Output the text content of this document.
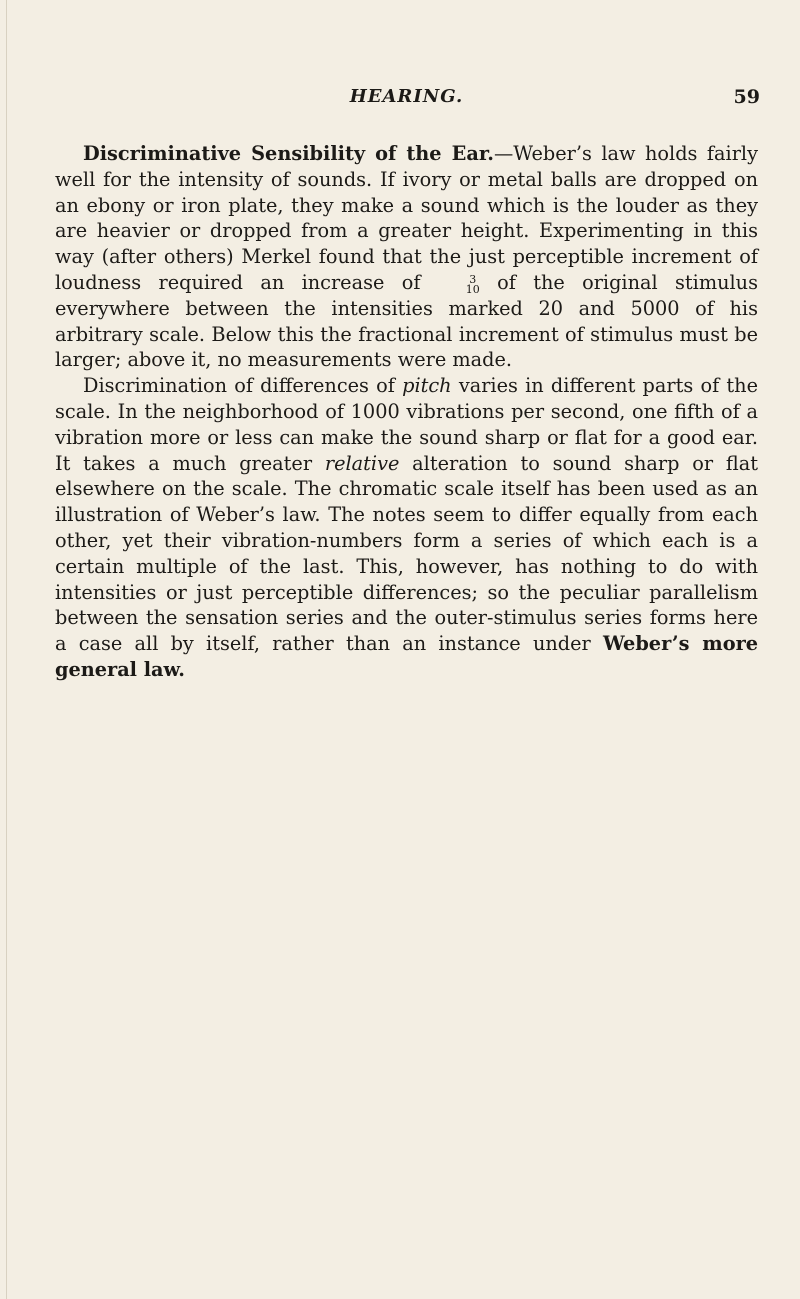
HEARING.	59

Discriminative Sensibility of the Ear.—Weber’s law holds fairly well for the intensity of sounds. If ivory or metal balls are dropped on an ebony or iron plate, they make a sound which is the louder as they are heavier or dropped from a greater height. Experimenting in this way (after others) Merkel found that the just perceptible increment of loudness required an increase of	3
10 of the original stimulus everywhere between the intensities marked 20 and 5000 of his arbitrary scale. Below this the fractional increment of stimulus must be larger; above it, no measurements were made.

Discrimination of differences of pitch varies in different parts of the scale. In the neighborhood of 1000 vibrations per second, one fifth of a vibration more or less can make the sound sharp or flat for a good ear. It takes a much greater relative alteration to sound sharp or flat elsewhere on the scale. The chromatic scale itself has been used as an illustration of Weber’s law. The notes seem to differ equally from each other, yet their vibration-numbers form a series of which each is a certain multiple of the last. This, however, has nothing to do with intensities or just perceptible differences; so the peculiar parallelism between the sensation series and the outer-stimulus series forms here a case all by itself, rather than an instance under Weber’s more general law.
